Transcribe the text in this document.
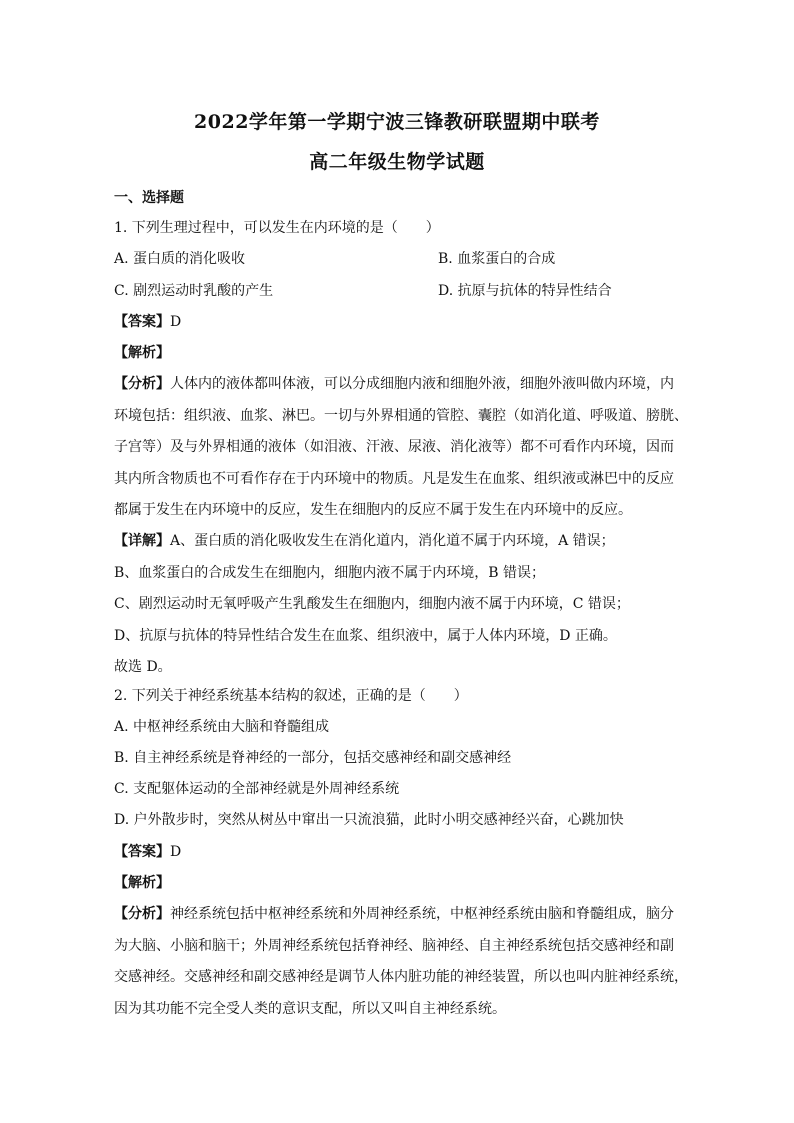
2022学年第一学期宁波三锋教研联盟期中联考
高二年级生物学试题
一、选择题
1. 下列生理过程中，可以发生在内环境的是（　　）
A. 蛋白质的消化吸收	B. 血浆蛋白的合成
C. 剧烈运动时乳酸的产生	D. 抗原与抗体的特异性结合
【答案】D
【解析】
【分析】人体内的液体都叫体液，可以分成细胞内液和细胞外液，细胞外液叫做内环境，内
环境包括：组织液、血浆、淋巴。一切与外界相通的管腔、囊腔（如消化道、呼吸道、膀胱、
子宫等）及与外界相通的液体（如泪液、汗液、尿液、消化液等）都不可看作内环境，因而
其内所含物质也不可看作存在于内环境中的物质。凡是发生在血浆、组织液或淋巴中的反应
都属于发生在内环境中的反应，发生在细胞内的反应不属于发生在内环境中的反应。
【详解】A、蛋白质的消化吸收发生在消化道内，消化道不属于内环境，A 错误；
B、血浆蛋白的合成发生在细胞内，细胞内液不属于内环境，B 错误；
C、剧烈运动时无氧呼吸产生乳酸发生在细胞内，细胞内液不属于内环境，C 错误；
D、抗原与抗体的特异性结合发生在血浆、组织液中，属于人体内环境，D 正确。
故选 D。
2. 下列关于神经系统基本结构的叙述，正确的是（　　）
A. 中枢神经系统由大脑和脊髓组成
B. 自主神经系统是脊神经的一部分，包括交感神经和副交感神经
C. 支配躯体运动的全部神经就是外周神经系统
D. 户外散步时，突然从树丛中窜出一只流浪猫，此时小明交感神经兴奋，心跳加快
【答案】D
【解析】
【分析】神经系统包括中枢神经系统和外周神经系统，中枢神经系统由脑和脊髓组成，脑分
为大脑、小脑和脑干；外周神经系统包括脊神经、脑神经、自主神经系统包括交感神经和副
交感神经。交感神经和副交感神经是调节人体内脏功能的神经装置，所以也叫内脏神经系统，
因为其功能不完全受人类的意识支配，所以又叫自主神经系统。
